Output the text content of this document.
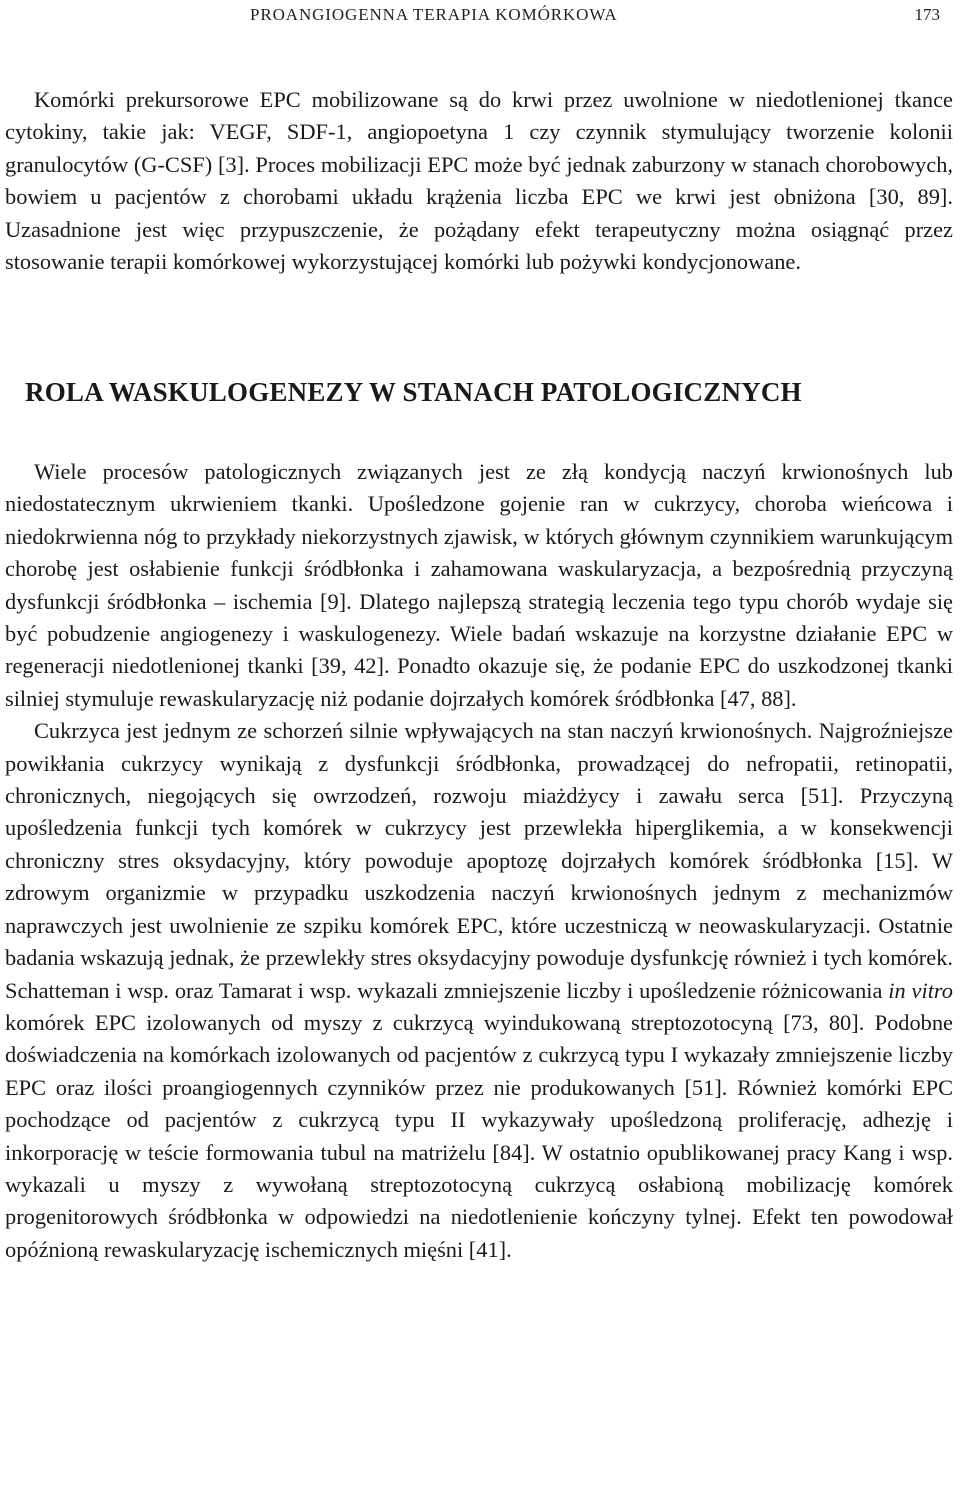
PROANGIOGENNA TERAPIA KOMÓRKOWA	173

Komórki prekursorowe EPC mobilizowane są do krwi przez uwolnione w niedotlenionej tkance cytokiny, takie jak: VEGF, SDF-1, angiopoetyna 1 czy czynnik stymulujący tworzenie kolonii granulocytów (G-CSF) [3]. Proces mobilizacji EPC może być jednak zaburzony w stanach chorobowych, bowiem u pacjentów z chorobami układu krążenia liczba EPC we krwi jest obniżona [30, 89]. Uzasadnione jest więc przypuszczenie, że pożądany efekt terapeutyczny można osiągnąć przez stosowanie terapii komórkowej wykorzystującej komórki lub pożywki kondycjonowane.

ROLA WASKULOGENEZY W STANACH PATOLOGICZNYCH

Wiele procesów patologicznych związanych jest ze złą kondycją naczyń krwionośnych lub niedostatecznym ukrwieniem tkanki. Upośledzone gojenie ran w cukrzycy, choroba wieńcowa i niedokrwienna nóg to przykłady niekorzystnych zjawisk, w których głównym czynnikiem warunkującym chorobę jest osłabienie funkcji śródbłonka i zahamowana waskularyzacja, a bezpośrednią przyczyną dysfunkcji śródbłonka – ischemia [9]. Dlatego najlepszą strategią leczenia tego typu chorób wydaje się być pobudzenie angiogenezy i waskulogenezy. Wiele badań wskazuje na korzystne działanie EPC w regeneracji niedotlenionej tkanki [39, 42]. Ponadto okazuje się, że podanie EPC do uszkodzonej tkanki silniej stymuluje rewaskularyzację niż podanie dojrzałych komórek śródbłonka [47, 88].

Cukrzyca jest jednym ze schorzeń silnie wpływających na stan naczyń krwionośnych. Najgroźniejsze powikłania cukrzycy wynikają z dysfunkcji śródbłonka, prowadzącej do nefropatii, retinopatii, chronicznych, niegojących się owrzodzeń, rozwoju miażdżycy i zawału serca [51]. Przyczyną upośledzenia funkcji tych komórek w cukrzycy jest przewlekła hiperglikemia, a w konsekwencji chroniczny stres oksydacyjny, który powoduje apoptozę dojrzałych komórek śródbłonka [15]. W zdrowym organizmie w przypadku uszkodzenia naczyń krwionośnych jednym z mechanizmów naprawczych jest uwolnienie ze szpiku komórek EPC, które uczestniczą w neowaskularyzacji. Ostatnie badania wskazują jednak, że przewlekły stres oksydacyjny powoduje dysfunkcję również i tych komórek. Schatteman i wsp. oraz Tamarat i wsp. wykazali zmniejszenie liczby i upośledzenie różnicowania in vitro komórek EPC izolowanych od myszy z cukrzycą wyindukowaną streptozotocyną [73, 80]. Podobne doświadczenia na komórkach izolowanych od pacjentów z cukrzycą typu I wykazały zmniejszenie liczby EPC oraz ilości proangiogennych czynników przez nie produkowanych [51]. Również komórki EPC pochodzące od pacjentów z cukrzycą typu II wykazywały upośledzoną proliferację, adhezję i inkorporację w teście formowania tubul na matriżelu [84]. W ostatnio opublikowanej pracy Kang i wsp. wykazali u myszy z wywołaną streptozotocyną cukrzycą osłabioną mobilizację komórek progenitorowych śródbłonka w odpowiedzi na niedotlenienie kończyny tylnej. Efekt ten powodował opóźnioną rewaskularyzację ischemicznych mięśni [41].
